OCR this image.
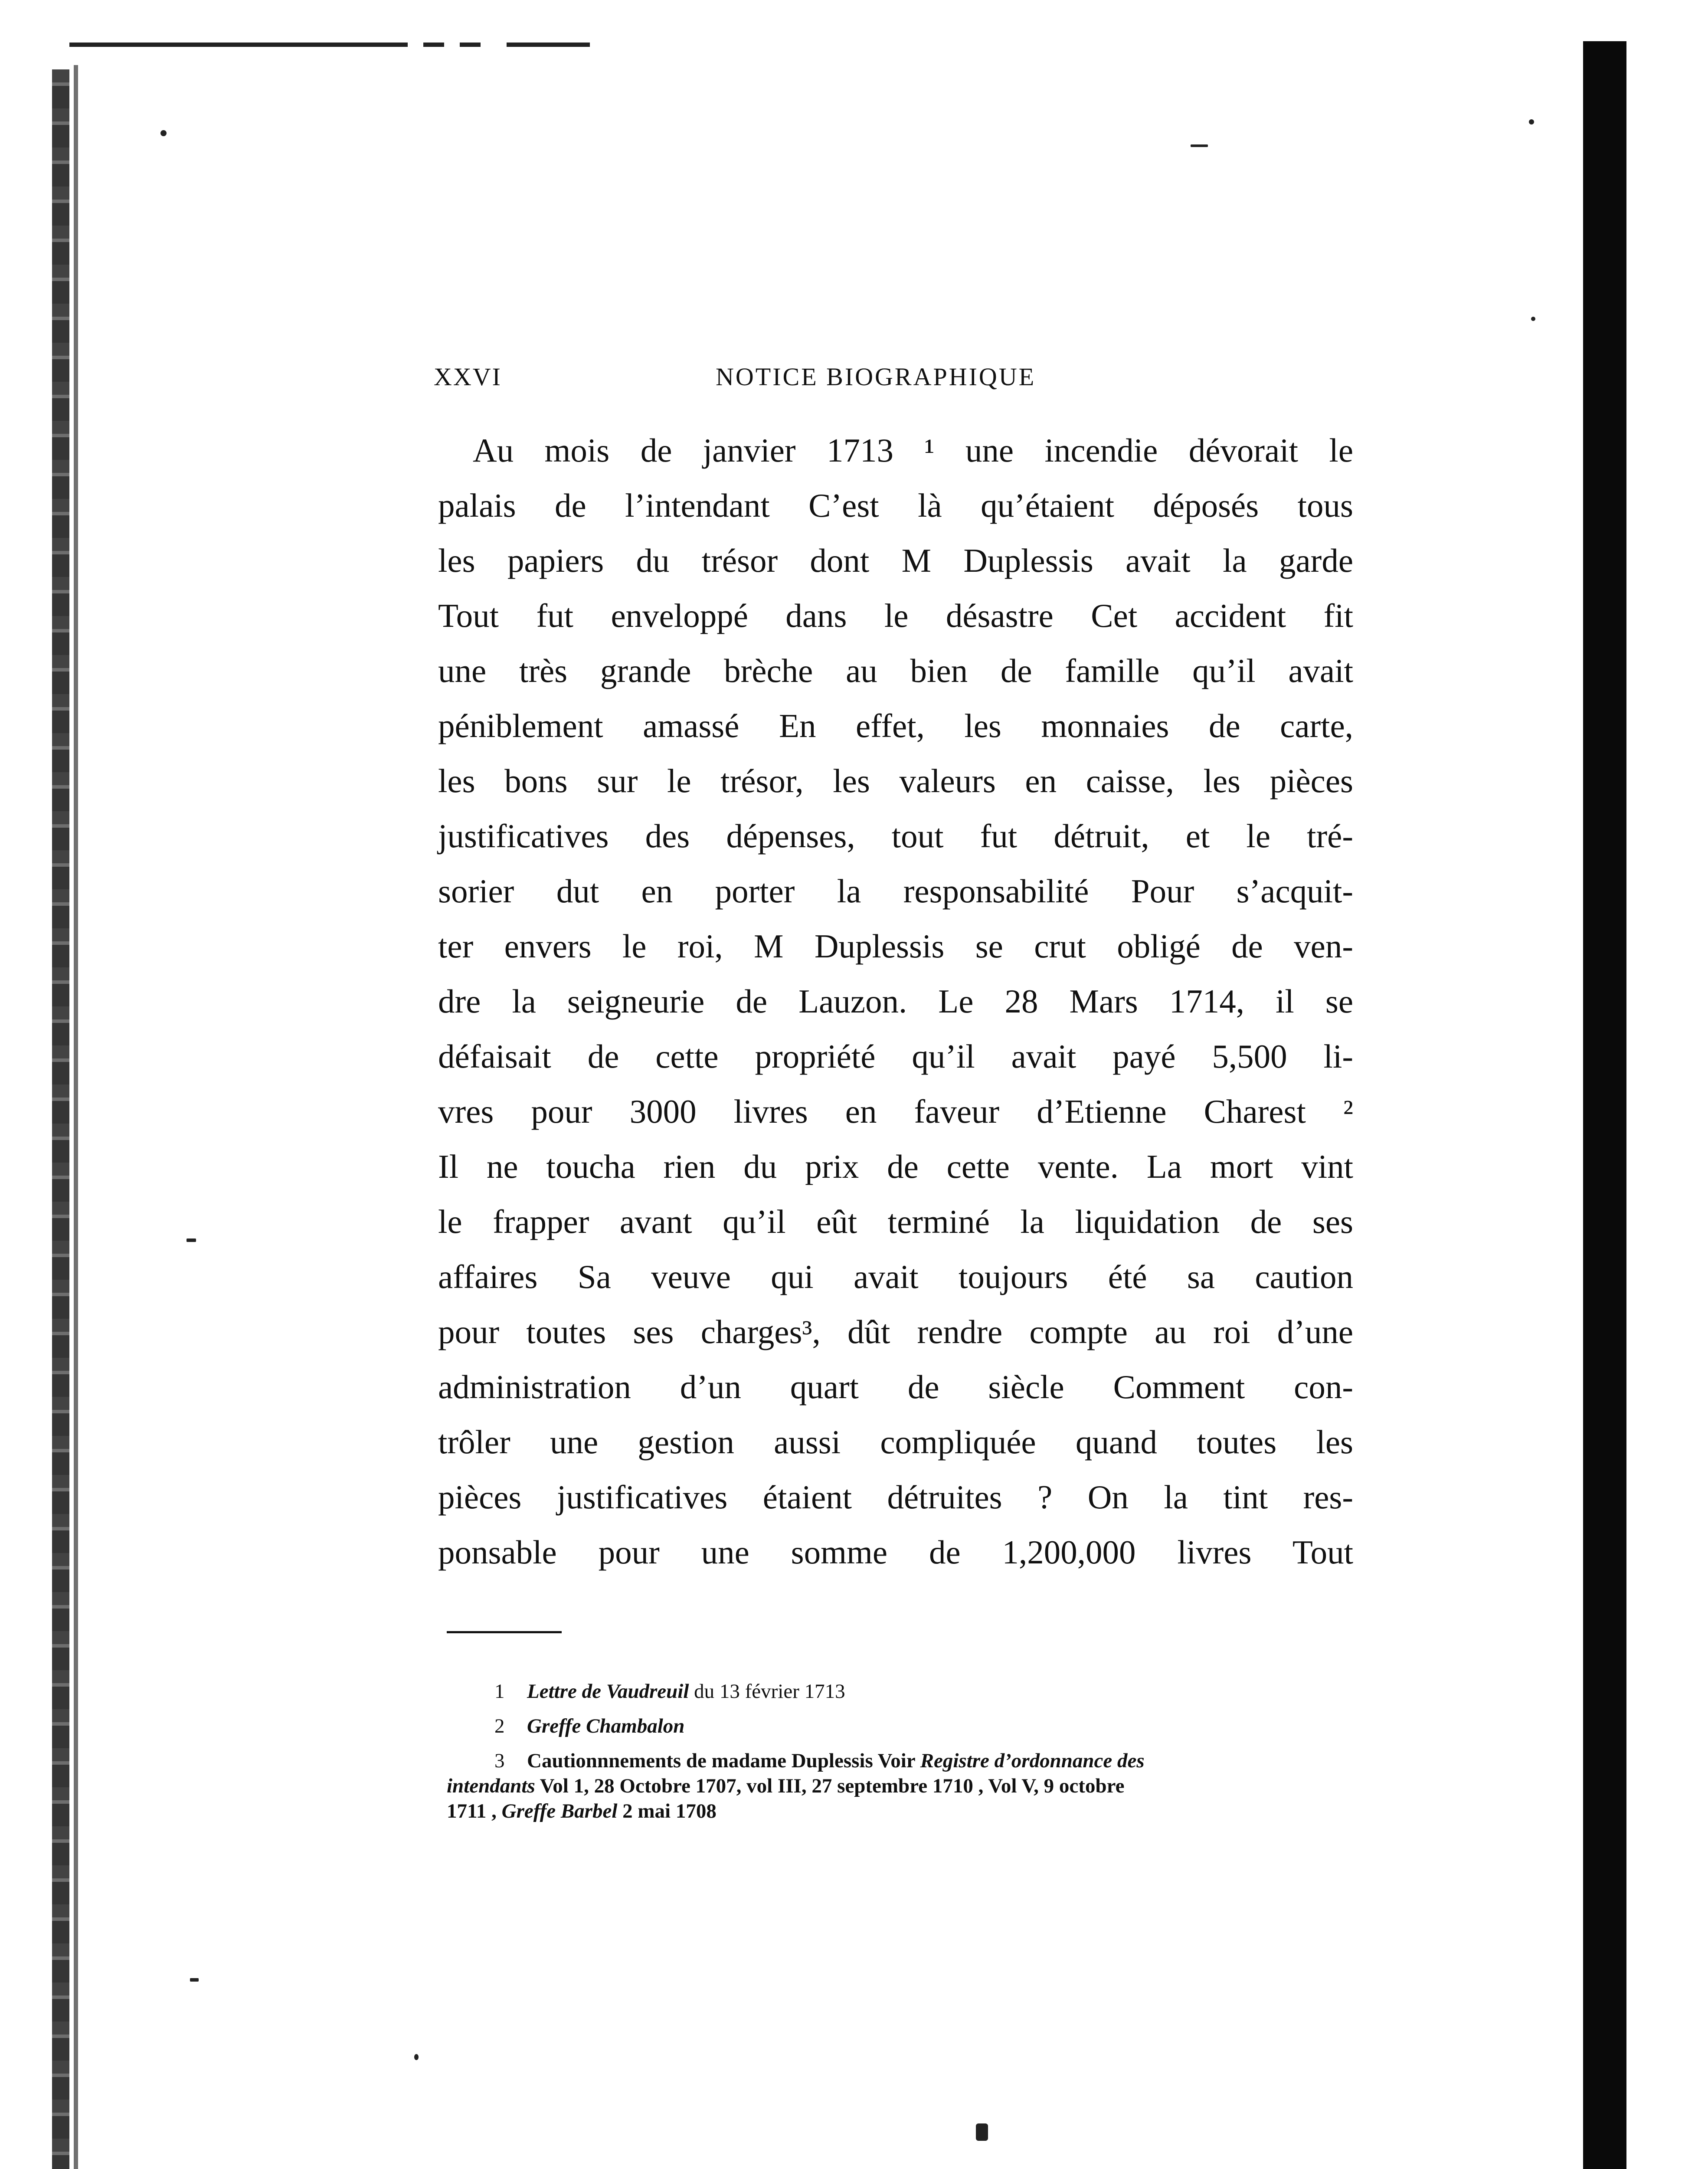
XXVI	NOTICE BIOGRAPHIQUE
Au mois de janvier 1713 ¹ une incendie dévorait le
palais de l’intendant C’est là qu’étaient déposés tous
les papiers du trésor dont M Duplessis avait la garde
Tout fut enveloppé dans le désastre Cet accident fit
une très grande brèche au bien de famille qu’il avait
péniblement amassé En effet, les monnaies de carte,
les bons sur le trésor, les valeurs en caisse, les pièces
justificatives des dépenses, tout fut détruit, et le tré-
sorier dut en porter la responsabilité Pour s’acquit-
ter envers le roi, M Duplessis se crut obligé de ven-
dre la seigneurie de Lauzon. Le 28 Mars 1714, il se
défaisait de cette propriété qu’il avait payé 5,500 li-
vres pour 3000 livres en faveur d’Etienne Charest ²
Il ne toucha rien du prix de cette vente. La mort vint
le frapper avant qu’il eût terminé la liquidation de ses
affaires Sa veuve qui avait toujours été sa caution
pour toutes ses charges³, dût rendre compte au roi d’une
administration d’un quart de siècle Comment con-
trôler une gestion aussi compliquée quand toutes les
pièces justificatives étaient détruites ? On la tint res-
ponsable pour une somme de 1,200,000 livres Tout
1 Lettre de Vaudreuil du 13 février 1713
2 Greffe Chambalon
3 Cautionnnements de madame Duplessis Voir Registre d’ordonnance des
intendants Vol 1, 28 Octobre 1707, vol III, 27 septembre 1710 , Vol V, 9 octobre
1711 , Greffe Barbel 2 mai 1708
